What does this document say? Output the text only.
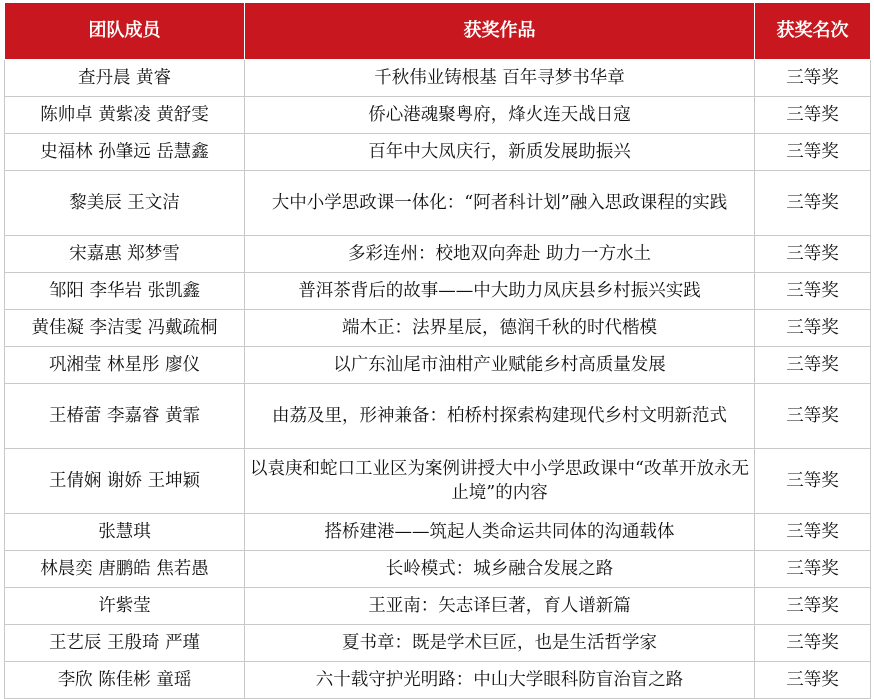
团队成员	获奖作品	获奖名次
查丹晨 黄睿	千秋伟业铸根基 百年寻梦书华章	三等奖
陈帅卓 黄紫凌 黄舒雯	侨心港魂聚粤府，烽火连天战日寇	三等奖
史福林 孙肇远 岳慧鑫	百年中大凤庆行，新质发展助振兴	三等奖
黎美辰 王文洁	大中小学思政课一体化：“阿者科计划”融入思政课程的实践	三等奖
宋嘉惠 郑梦雪	多彩连州：校地双向奔赴 助力一方水土	三等奖
邹阳 李华岩 张凯鑫	普洱茶背后的故事——中大助力凤庆县乡村振兴实践	三等奖
黄佳凝 李洁雯 冯戴疏桐	端木正：法界星辰，德润千秋的时代楷模	三等奖
巩湘莹 林星彤 廖仪	以广东汕尾市油柑产业赋能乡村高质量发展	三等奖
王椿蕾 李嘉睿 黄霏	由荔及里，形神兼备：柏桥村探索构建现代乡村文明新范式	三等奖
王倩娴 谢娇 王坤颖	以袁庚和蛇口工业区为案例讲授大中小学思政课中“改革开放永无止境”的内容	三等奖
张慧琪	搭桥建港——筑起人类命运共同体的沟通载体	三等奖
林晨奕 唐鹏皓 焦若愚	长岭模式：城乡融合发展之路	三等奖
许紫莹	王亚南：矢志译巨著，育人谱新篇	三等奖
王艺辰 王殷琦 严瑾	夏书章：既是学术巨匠，也是生活哲学家	三等奖
李欣 陈佳彬 童瑶	六十载守护光明路：中山大学眼科防盲治盲之路	三等奖
